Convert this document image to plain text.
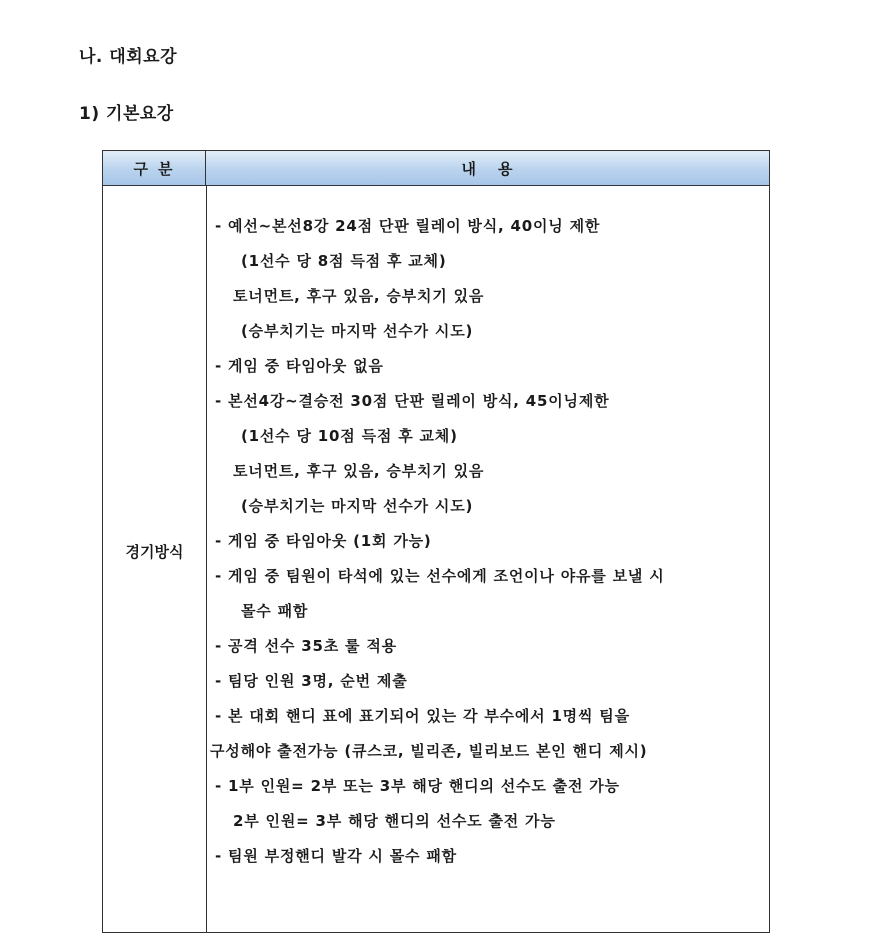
나. 대회요강
1) 기본요강
구분	내용
경기방식
- 예선~본선8강 24점 단판 릴레이 방식, 40이닝 제한
(1선수 당 8점 득점 후 교체)
토너먼트, 후구 있음, 승부치기 있음
(승부치기는 마지막 선수가 시도)
- 게임 중 타임아웃 없음
- 본선4강~결승전 30점 단판 릴레이 방식, 45이닝제한
(1선수 당 10점 득점 후 교체)
토너먼트, 후구 있음, 승부치기 있음
(승부치기는 마지막 선수가 시도)
- 게임 중 타임아웃 (1회 가능)
- 게임 중 팀원이 타석에 있는 선수에게 조언이나 야유를 보낼 시
몰수 패함
- 공격 선수 35초 룰 적용
- 팀당 인원 3명, 순번 제출
- 본 대회 핸디 표에 표기되어 있는 각 부수에서 1명씩 팀을
구성해야 출전가능 (큐스코, 빌리존, 빌리보드 본인 핸디 제시)
- 1부 인원= 2부 또는 3부 해당 핸디의 선수도 출전 가능
2부 인원= 3부 해당 핸디의 선수도 출전 가능
- 팀원 부정핸디 발각 시 몰수 패함
